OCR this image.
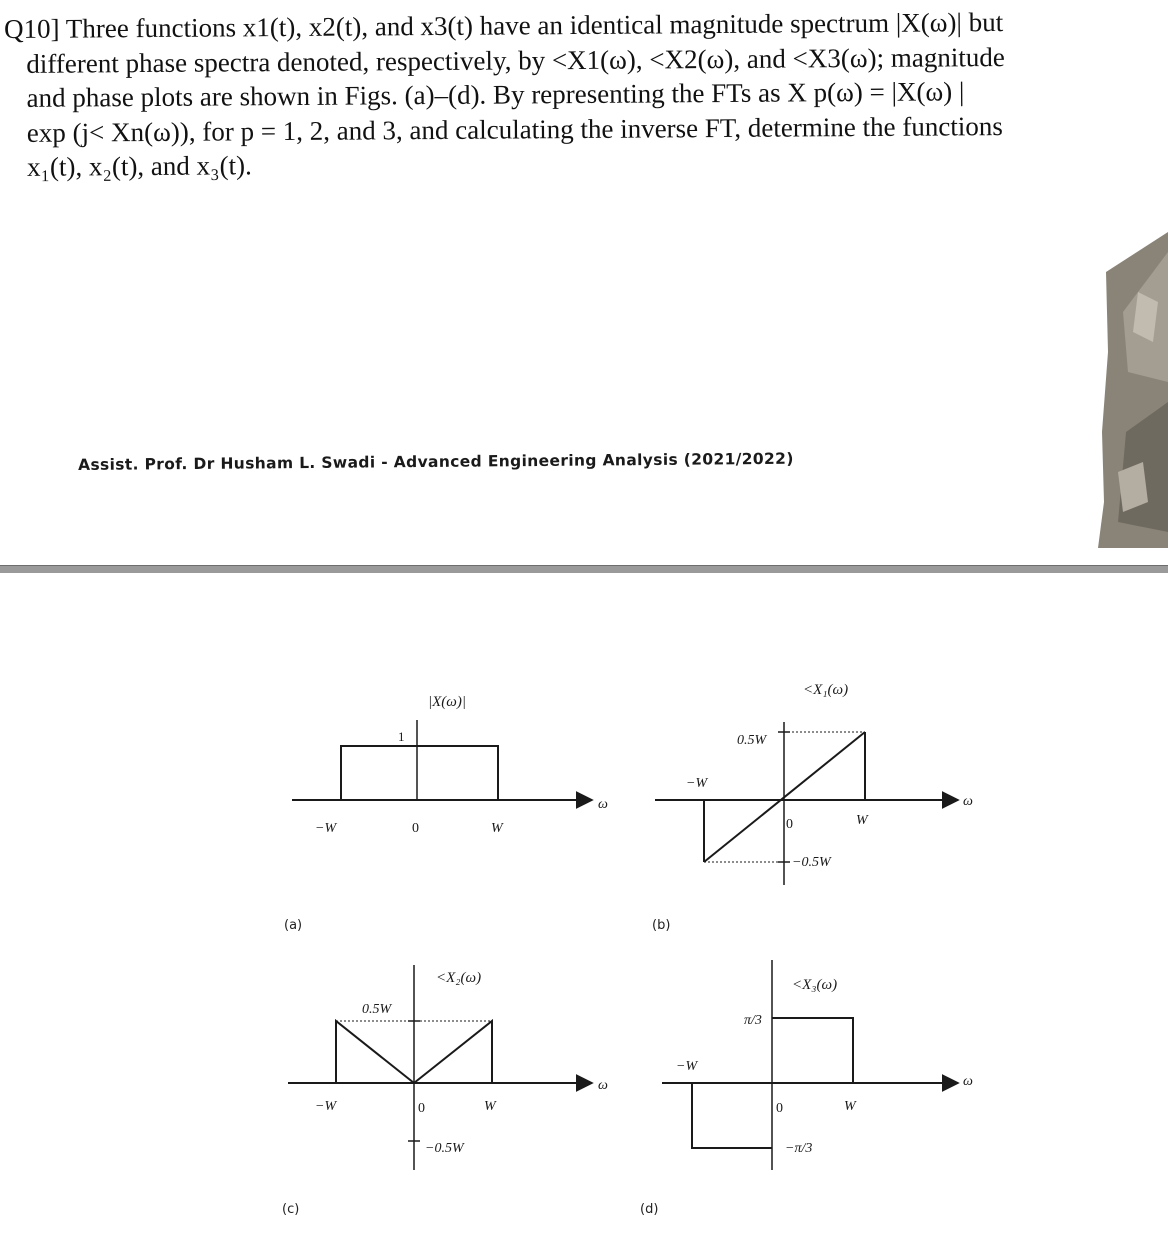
Q10] Three functions x1(t), x2(t), and x3(t) have an identical magnitude spectrum |X(ω)| but
different phase spectra denoted, respectively, by <X1(ω), <X2(ω), and <X3(ω); magnitude
and phase plots are shown in Figs. (a)–(d). By representing the FTs as X p(ω) = |X(ω) |
exp (j< Xn(ω)), for p = 1, 2, and 3, and calculating the inverse FT, determine the functions
x₁(t), x₂(t), and x₃(t).
Assist. Prof. Dr Husham L. Swadi - Advanced Engineering Analysis (2021/2022)
|X(ω)|
1
−W	0	W
ω
<X₁(ω)
0.5W
−0.5W
−W
0	W
ω
<X₂(ω)
0.5W
−0.5W
−W	0	W
ω
<X₃(ω)
π/3
−π/3
−W
0	W
ω
(a)	(b)
(c)	(d)
